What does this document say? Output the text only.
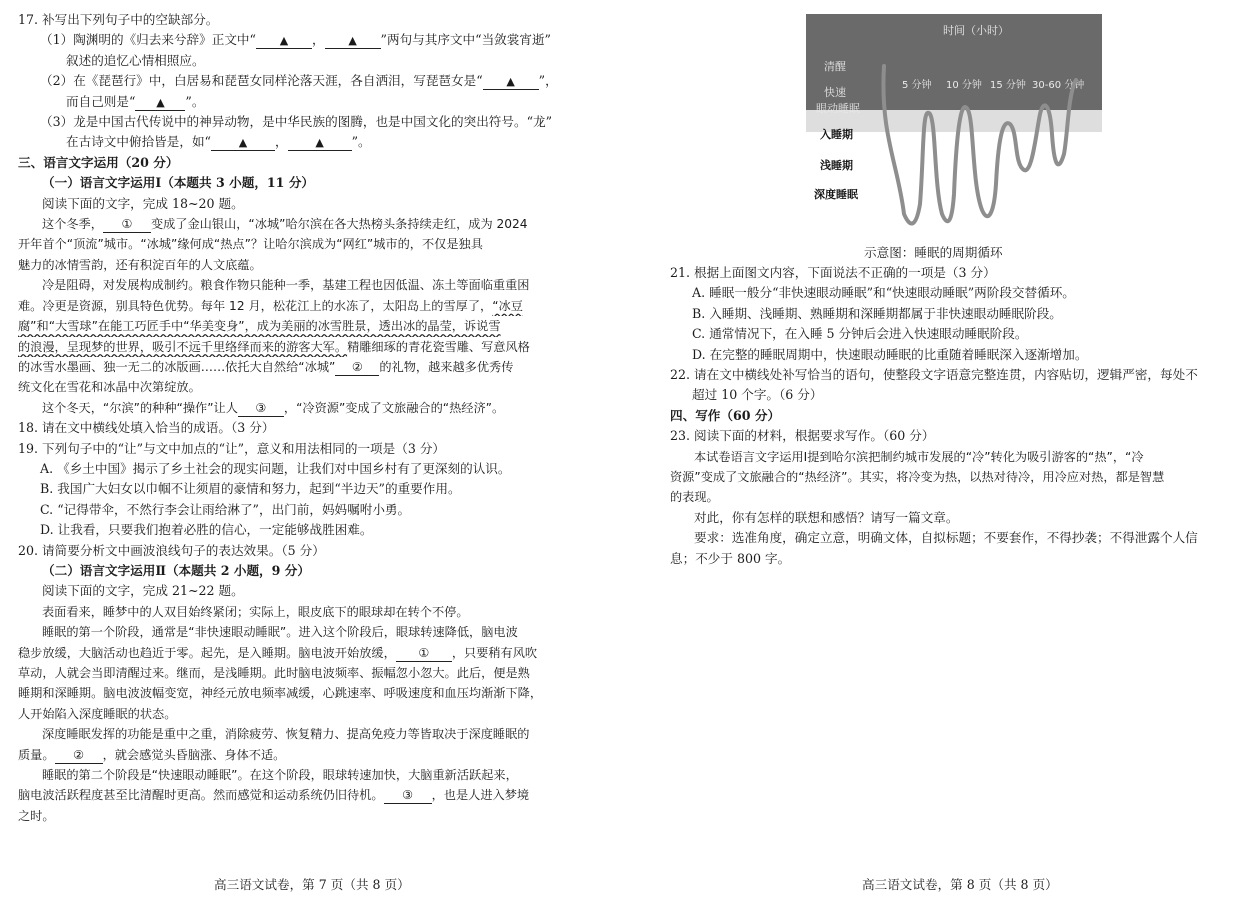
17. 补写出下列句子中的空缺部分。
（1）陶渊明的《归去来兮辞》正文中“ ▲ ， ▲ ”两句与其序文中“当敛裳宵逝”
叙述的追忆心情相照应。
（2）在《琵琶行》中，白居易和琵琶女同样沦落天涯，各自洒泪，写琵琶女是“ ▲ ”，
而自己则是“ ▲ ”。
（3）龙是中国古代传说中的神异动物，是中华民族的图腾，也是中国文化的突出符号。“龙”
在古诗文中俯拾皆是，如“	▲ ，	▲ ”。
三、语言文字运用（20 分）
（一）语言文字运用Ⅰ（本题共 3 小题，11 分）
阅读下面的文字，完成 18~20 题。
这个冬季， ① 变成了金山银山，“冰城”哈尔滨在各大热榜头条持续走红，成为 2024
开年首个“顶流”城市。“冰城”缘何成“热点”？让哈尔滨成为“网红”城市的，不仅是独具
魅力的冰情雪韵，还有积淀百年的人文底蕴。
冷是阻碍，对发展构成制约。粮食作物只能种一季，基建工程也因低温、冻土等面临重重困
难。冷更是资源，别具特色优势。每年 12 月，松花江上的水冻了，太阳岛上的雪厚了，“冰豆
腐”和“大雪球”在能工巧匠手中“华美变身”，成为美丽的冰雪胜景，透出冰的晶莹，诉说雪
的浪漫，呈现梦的世界，吸引不远千里络绎而来的游客大军。精雕细琢的青花瓷雪雕、写意风格
的冰雪水墨画、独一无二的冰版画……依托大自然给“冰城” ② 的礼物，越来越多优秀传
统文化在雪花和冰晶中次第绽放。
这个冬天，“尔滨”的种种“操作”让人 ③ ，“冷资源”变成了文旅融合的“热经济”。
18. 请在文中横线处填入恰当的成语。（3 分）
19. 下列句子中的“让”与文中加点的“让”，意义和用法相同的一项是（3 分）
A. 《乡土中国》揭示了乡土社会的现实问题，让我们对中国乡村有了更深刻的认识。
B. 我国广大妇女以巾帼不让须眉的豪情和努力，起到“半边天”的重要作用。
C. “记得带伞，不然行李会让雨给淋了”，出门前，妈妈嘱咐小勇。
D. 让我看，只要我们抱着必胜的信心，一定能够战胜困难。
20. 请简要分析文中画波浪线句子的表达效果。（5 分）
（二）语言文字运用Ⅱ（本题共 2 小题，9 分）
阅读下面的文字，完成 21~22 题。
表面看来，睡梦中的人双目始终紧闭；实际上，眼皮底下的眼球却在转个不停。
睡眠的第一个阶段，通常是“非快速眼动睡眠”。进入这个阶段后，眼球转速降低，脑电波
稳步放缓，大脑活动也趋近于零。起先，是入睡期。脑电波开始放缓， ① ，只要稍有风吹
草动，人就会当即清醒过来。继而，是浅睡期。此时脑电波频率、振幅忽小忽大。此后，便是熟
睡期和深睡期。脑电波波幅变宽，神经元放电频率减缓，心跳速率、呼吸速度和血压均渐渐下降，
人开始陷入深度睡眠的状态。
深度睡眠发挥的功能是重中之重，消除疲劳、恢复精力、提高免疫力等皆取决于深度睡眠的
质量。 ② ，就会感觉头昏脑涨、身体不适。
睡眠的第二个阶段是“快速眼动睡眠”。在这个阶段，眼球转速加快，大脑重新活跃起来，
脑电波活跃程度甚至比清醒时更高。然而感觉和运动系统仍旧待机。 ③ ，也是人进入梦境
之时。
高三语文试卷，第 7 页（共 8 页）
时间（小时）
清醒
快速
眼动睡眠
入睡期
浅睡期
深度睡眠
5 分钟 10 分钟 15 分钟 30-60 分钟
示意图：睡眠的周期循环
21. 根据上面图文内容，下面说法不正确的一项是（3 分）
A. 睡眠一般分“非快速眼动睡眠”和“快速眼动睡眠”两阶段交替循环。
B. 入睡期、浅睡期、熟睡期和深睡期都属于非快速眼动睡眠阶段。
C. 通常情况下，在入睡 5 分钟后会进入快速眼动睡眠阶段。
D. 在完整的睡眠周期中，快速眼动睡眠的比重随着睡眠深入逐渐增加。
22. 请在文中横线处补写恰当的语句，使整段文字语意完整连贯，内容贴切，逻辑严密，每处不
超过 10 个字。（6 分）
四、写作（60 分）
23. 阅读下面的材料，根据要求写作。（60 分）
本试卷语言文字运用Ⅰ提到哈尔滨把制约城市发展的“冷”转化为吸引游客的“热”，“冷
资源”变成了文旅融合的“热经济”。其实，将冷变为热，以热对待冷，用冷应对热，都是智慧
的表现。
对此，你有怎样的联想和感悟？请写一篇文章。
要求：选准角度，确定立意，明确文体，自拟标题；不要套作，不得抄袭；不得泄露个人信
息；不少于 800 字。
高三语文试卷，第 8 页（共 8 页）
